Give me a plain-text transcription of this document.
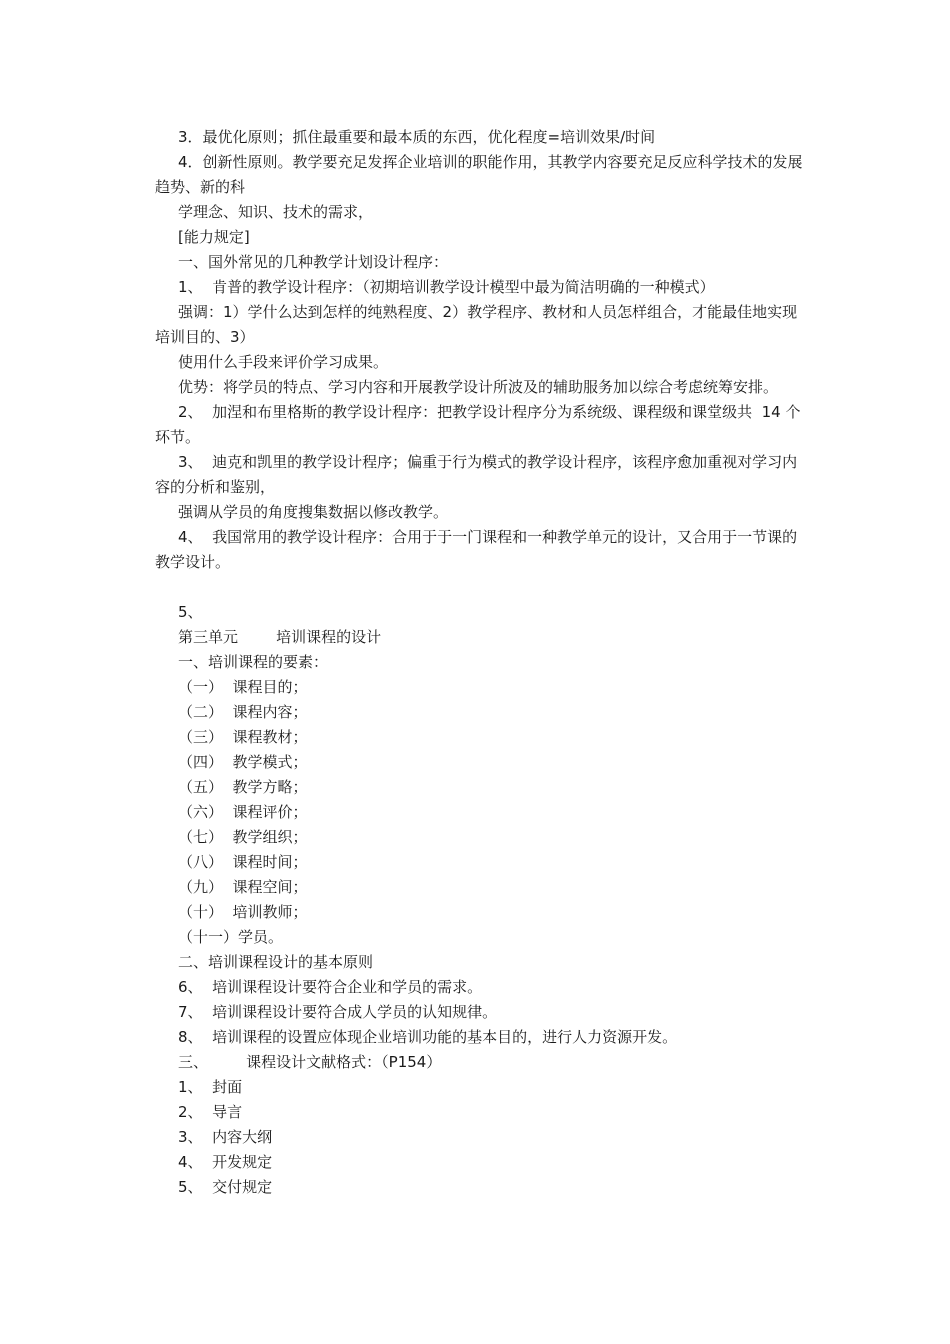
3．最优化原则；抓住最重要和最本质的东西，优化程度=培训效果/时间

4．创新性原则。教学要充足发挥企业培训的职能作用，其教学内容要充足反应科学技术的发展趋势、新的科

学理念、知识、技术的需求，

[能力规定]

一、国外常见的几种教学计划设计程序：

1、  肯普的教学设计程序：（初期培训教学设计模型中最为简洁明确的一种模式）

强调：1）学什么达到怎样的纯熟程度、2）教学程序、教材和人员怎样组合，才能最佳地实现培训目的、3）

使用什么手段来评价学习成果。

优势：将学员的特点、学习内容和开展教学设计所波及的辅助服务加以综合考虑统筹安排。

2、  加涅和布里格斯的教学设计程序：把教学设计程序分为系统级、课程级和课堂级共  14 个环节。

3、  迪克和凯里的教学设计程序；偏重于行为模式的教学设计程序，该程序愈加重视对学习内容的分析和鉴别，

强调从学员的角度搜集数据以修改教学。

4、  我国常用的教学设计程序：合用于于一门课程和一种教学单元的设计，又合用于一节课的教学设计。

5、

第三单元        培训课程的设计

一、培训课程的要素：

（一）  课程目的；

（二）  课程内容；

（三）  课程教材；

（四）  教学模式；

（五）  教学方略；

（六）  课程评价；

（七）  教学组织；

（八）  课程时间；

（九）  课程空间；

（十）  培训教师；

（十一）学员。

二、培训课程设计的基本原则

6、  培训课程设计要符合企业和学员的需求。

7、  培训课程设计要符合成人学员的认知规律。

8、  培训课程的设置应体现企业培训功能的基本目的，进行人力资源开发。

三、        课程设计文献格式：（P154）

1、  封面

2、  导言

3、  内容大纲

4、  开发规定

5、  交付规定
